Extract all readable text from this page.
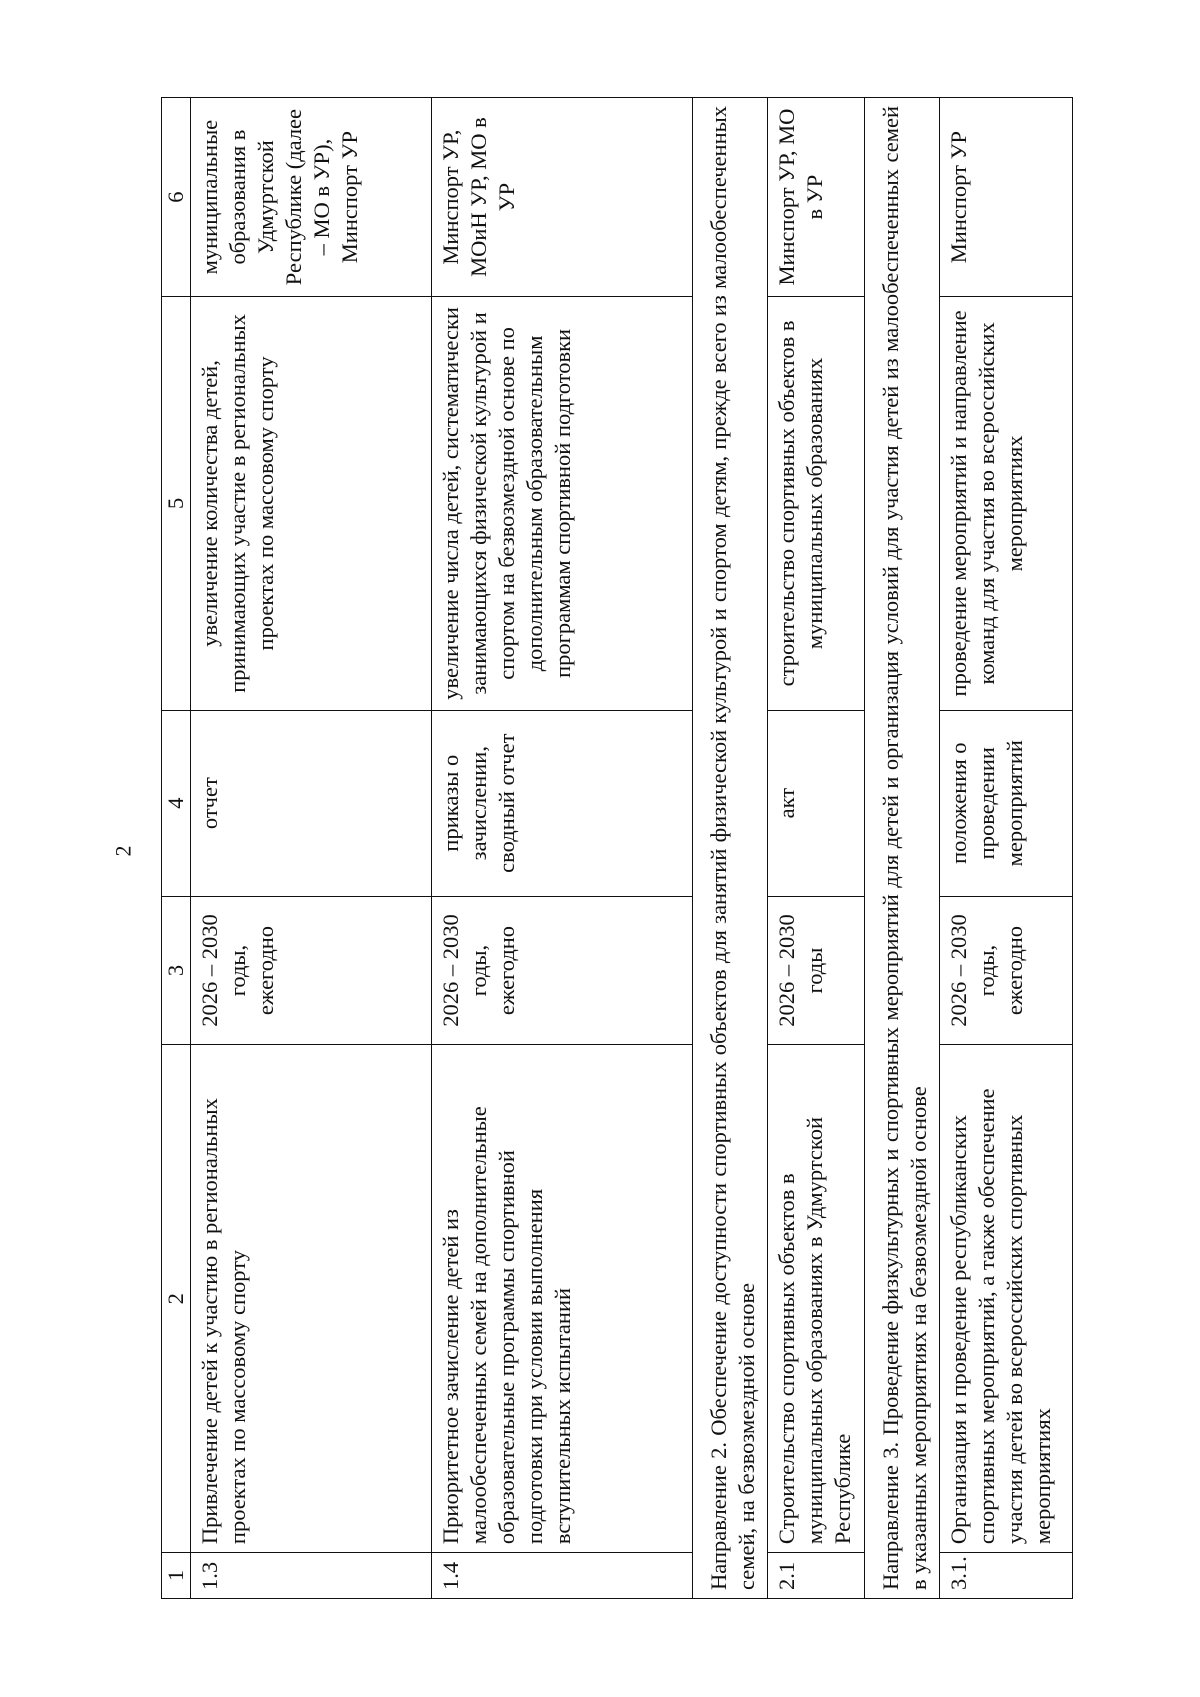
2
1	2	3	4	5	6
1.3	Привлечение детей к участию в региональных проектах по массовому спорту	2026 – 2030 годы, ежегодно	отчет	увеличение количества детей, принимающих участие в региональных проектах по массовому спорту	муниципальные образования в Удмуртской Республике (далее – МО в УР), Минспорт УР
1.4	Приоритетное зачисление детей из малообеспеченных семей на дополнительные образовательные программы спортивной подготовки при условии выполнения вступительных испытаний	2026 – 2030 годы, ежегодно	приказы о зачислении, сводный отчет	увеличение числа детей, систематически занимающихся физической культурой и спортом на безвозмездной основе по дополнительным образовательным программам спортивной подготовки	Минспорт УР, МОиН УР, МО в УР
Направление 2. Обеспечение доступности спортивных объектов для занятий физической культурой и спортом детям, прежде всего из малообеспеченных семей, на безвозмездной основе					
2.1	Строительство спортивных объектов в муниципальных образованиях в Удмуртской Республике	2026 – 2030 годы	акт	строительство спортивных объектов в муниципальных образованиях	Минспорт УР, МО в УР
Направление 3. Проведение физкультурных и спортивных мероприятий для детей и организация условий для участия детей из малообеспеченных семей в указанных мероприятиях на безвозмездной основе					
3.1.	Организация и проведение республиканских спортивных мероприятий, а также обеспечение участия детей во всероссийских спортивных мероприятиях	2026 – 2030 годы, ежегодно	положения о проведении мероприятий	проведение мероприятий и направление команд для участия во всероссийских мероприятиях	Минспорт УР
